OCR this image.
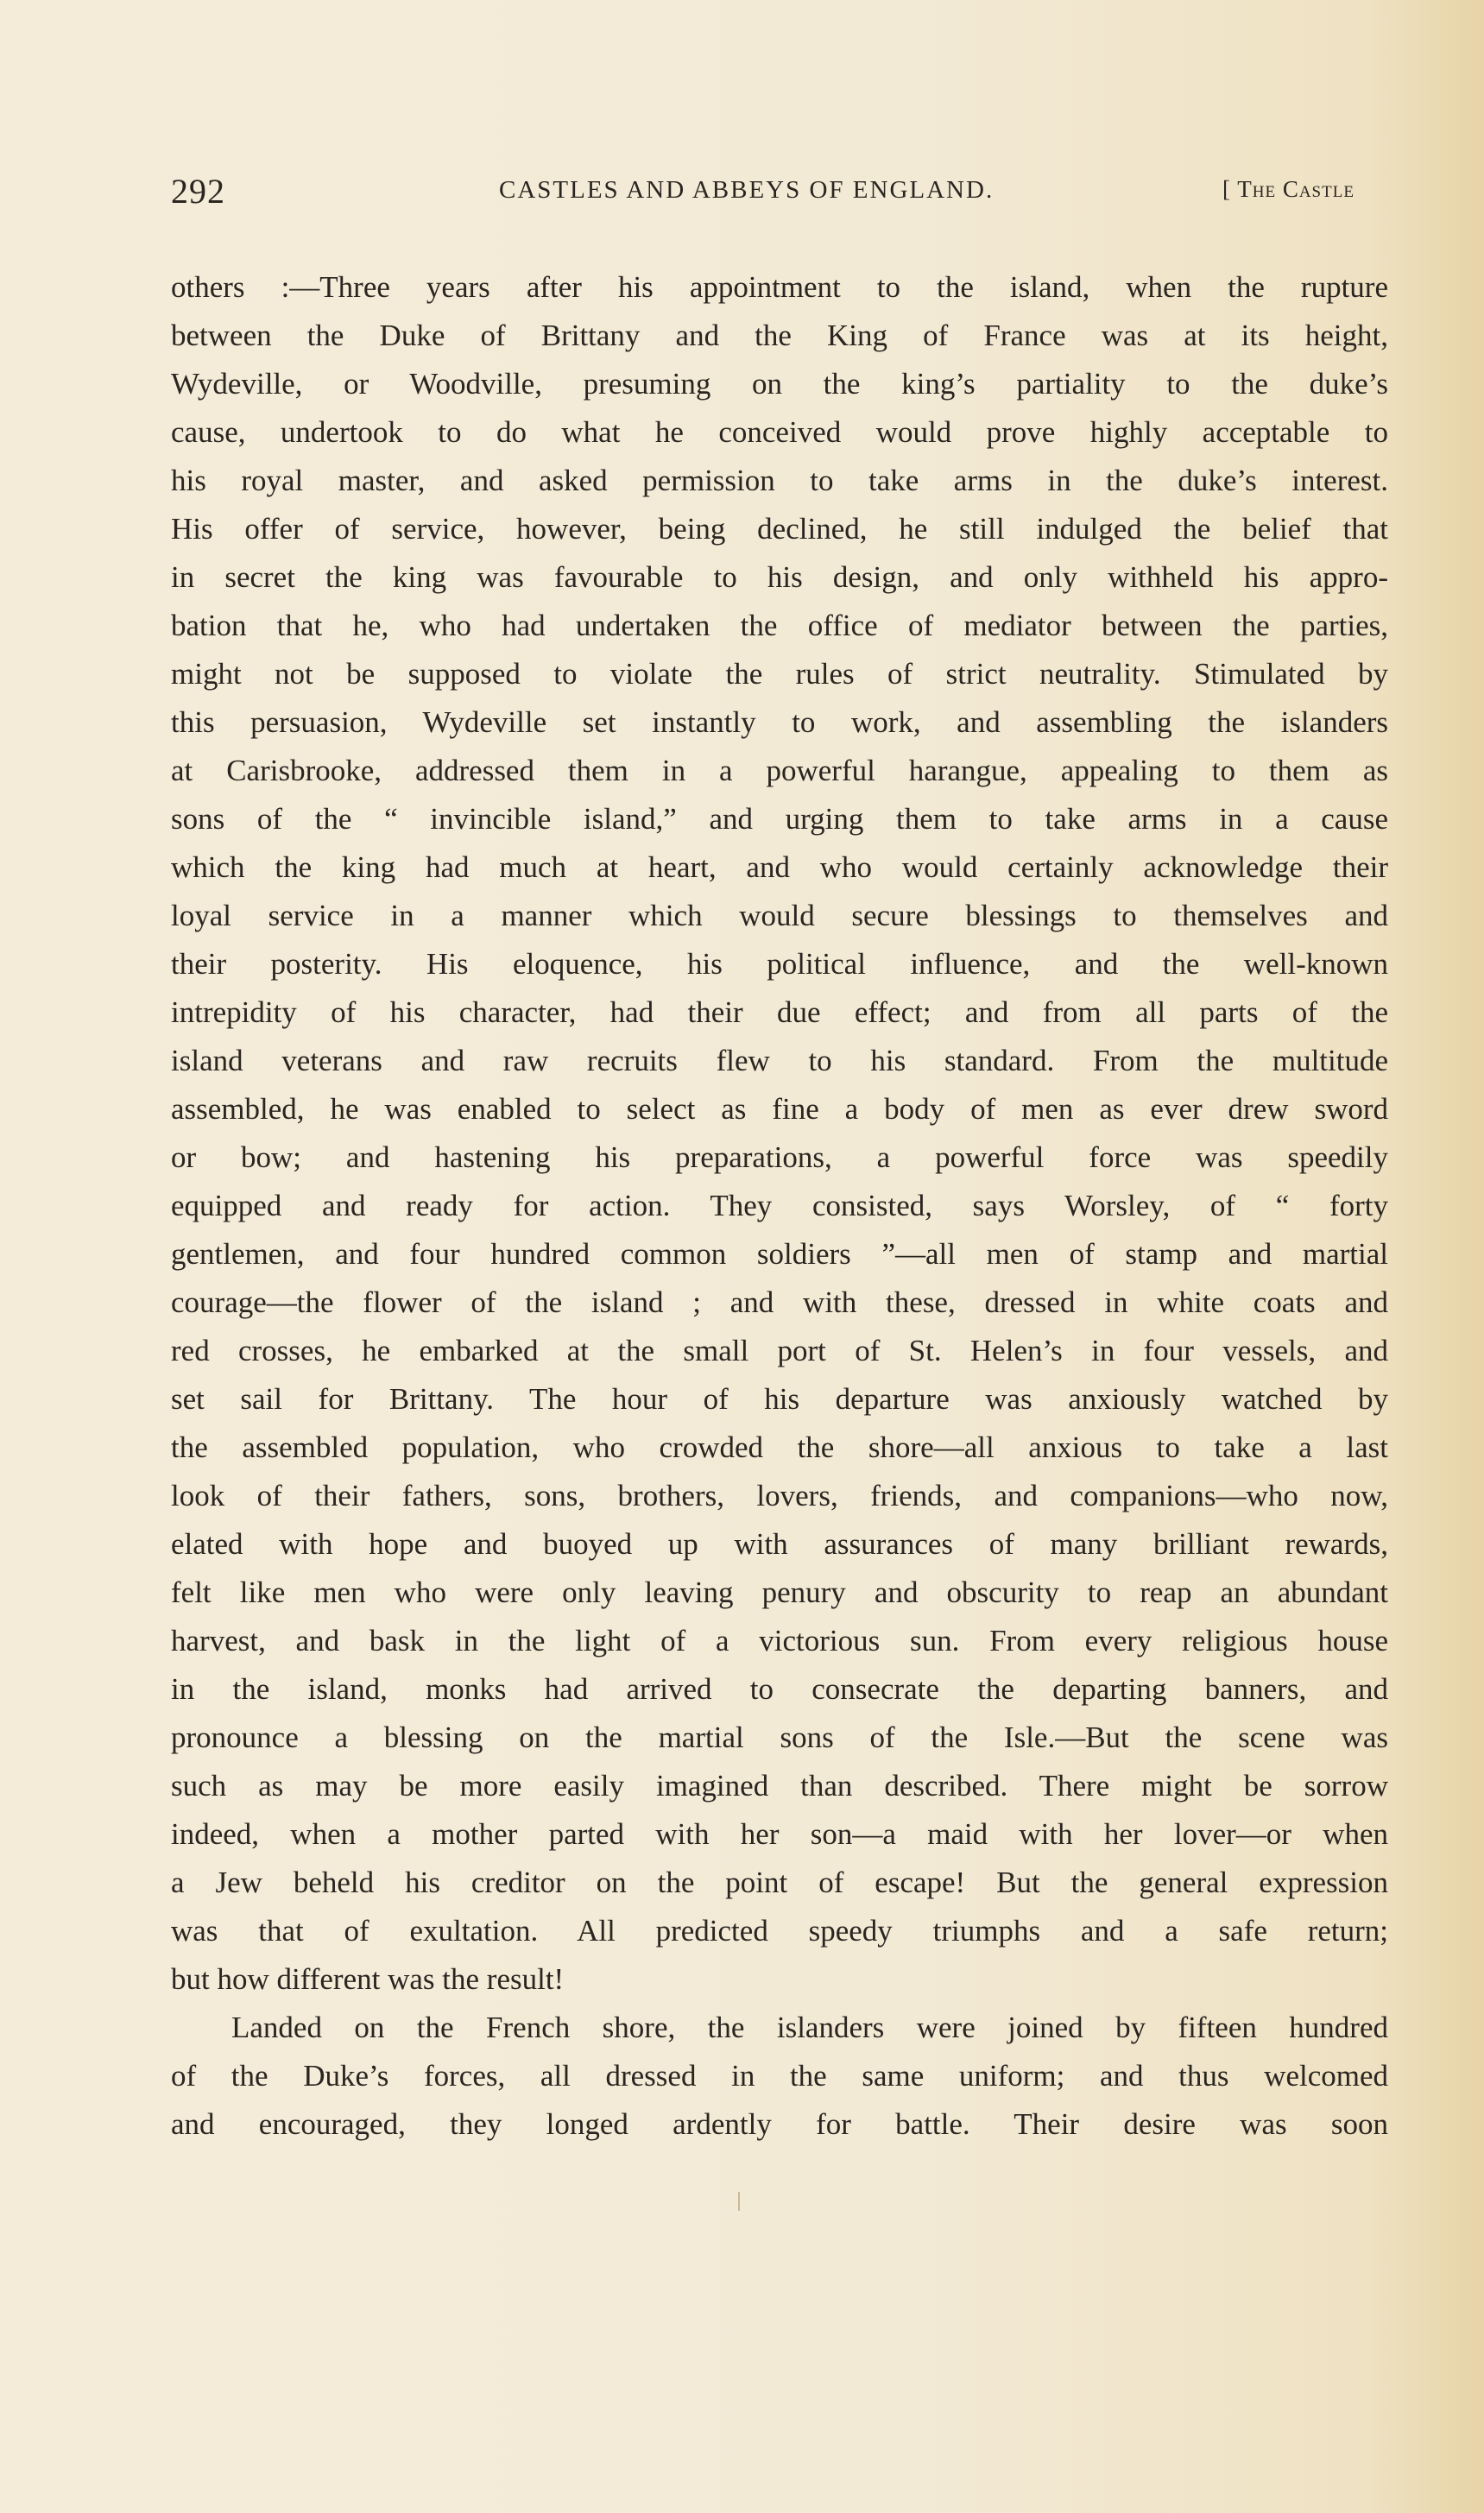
292	CASTLES AND ABBEYS OF ENGLAND.	[ The Castle
others :—Three years after his appointment to the island, when the rupture
between the Duke of Brittany and the King of France was at its height,
Wydeville, or Woodville, presuming on the king’s partiality to the duke’s
cause, undertook to do what he conceived would prove highly acceptable to
his royal master, and asked permission to take arms in the duke’s interest.
His offer of service, however, being declined, he still indulged the belief that
in secret the king was favourable to his design, and only withheld his appro-
bation that he, who had undertaken the office of mediator between the parties,
might not be supposed to violate the rules of strict neutrality. Stimulated by
this persuasion, Wydeville set instantly to work, and assembling the islanders
at Carisbrooke, addressed them in a powerful harangue, appealing to them as
sons of the “ invincible island,” and urging them to take arms in a cause
which the king had much at heart, and who would certainly acknowledge their
loyal service in a manner which would secure blessings to themselves and
their posterity. His eloquence, his political influence, and the well-known
intrepidity of his character, had their due effect; and from all parts of the
island veterans and raw recruits flew to his standard. From the multitude
assembled, he was enabled to select as fine a body of men as ever drew sword
or bow; and hastening his preparations, a powerful force was speedily
equipped and ready for action. They consisted, says Worsley, of “ forty
gentlemen, and four hundred common soldiers ”—all men of stamp and martial
courage—the flower of the island ; and with these, dressed in white coats and
red crosses, he embarked at the small port of St. Helen’s in four vessels, and
set sail for Brittany. The hour of his departure was anxiously watched by
the assembled population, who crowded the shore—all anxious to take a last
look of their fathers, sons, brothers, lovers, friends, and companions—who now,
elated with hope and buoyed up with assurances of many brilliant rewards,
felt like men who were only leaving penury and obscurity to reap an abundant
harvest, and bask in the light of a victorious sun. From every religious house
in the island, monks had arrived to consecrate the departing banners, and
pronounce a blessing on the martial sons of the Isle.—But the scene was
such as may be more easily imagined than described. There might be sorrow
indeed, when a mother parted with her son—a maid with her lover—or when
a Jew beheld his creditor on the point of escape! But the general expression
was that of exultation. All predicted speedy triumphs and a safe return;
but how different was the result!
Landed on the French shore, the islanders were joined by fifteen hundred
of the Duke’s forces, all dressed in the same uniform; and thus welcomed
and encouraged, they longed ardently for battle. Their desire was soon
